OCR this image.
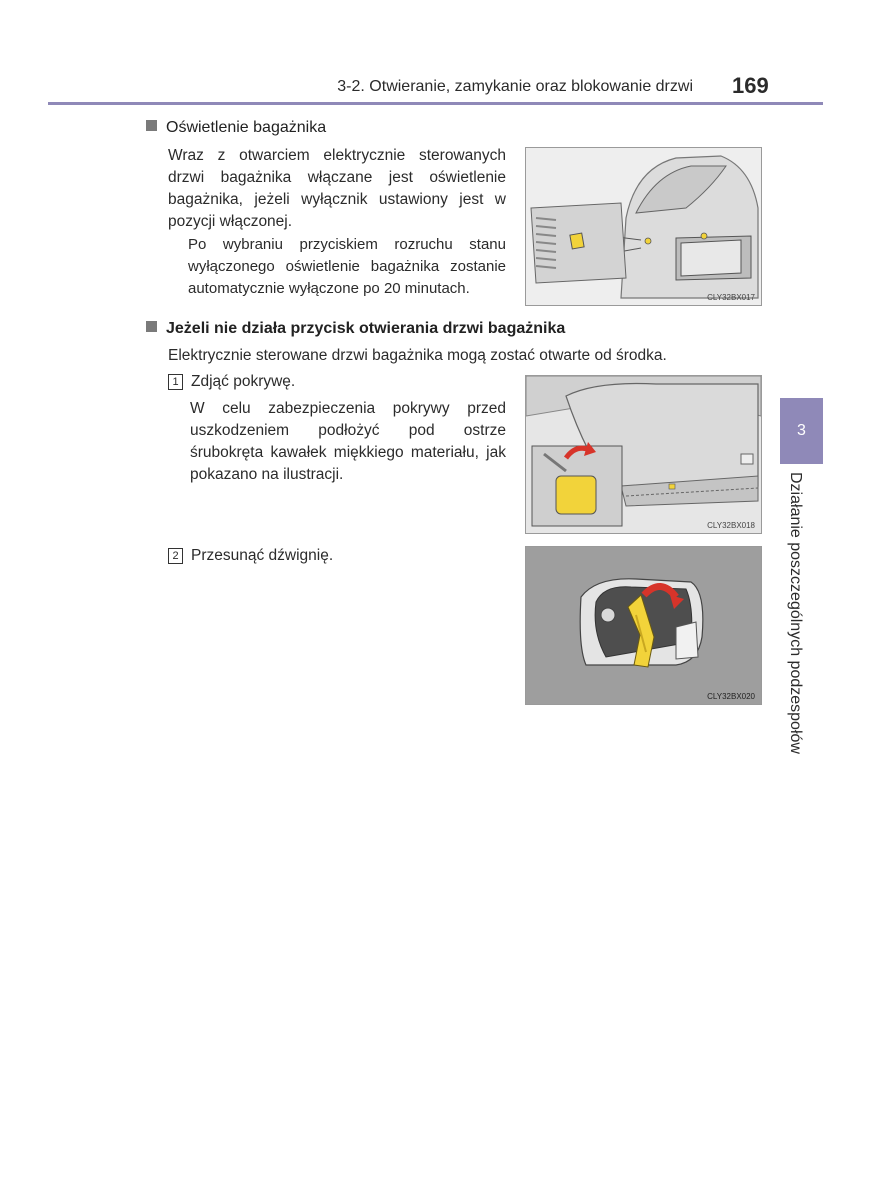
3-2. Otwieranie, zamykanie oraz blokowanie drzwi 169
Oświetlenie bagażnika
Wraz z otwarciem elektrycznie sterowanych drzwi bagażnika włączane jest oświetlenie bagażnika, jeżeli wyłącznik ustawiony jest w pozycji włączonej.
Po wybraniu przyciskiem rozruchu stanu wyłączonego oświetlenie bagażnika zostanie automatycznie wyłączone po 20 minutach.
CLY32BX017
Jeżeli nie działa przycisk otwierania drzwi bagażnika
Elektrycznie sterowane drzwi bagażnika mogą zostać otwarte od środka.
1 Zdjąć pokrywę.
W celu zabezpieczenia pokrywy przed uszkodzeniem podłożyć pod ostrze śrubokręta kawałek miękkiego materiału, jak pokazano na ilustracji.
CLY32BX018
2 Przesunąć dźwignię.
CLY32BX020
3
Działanie poszczególnych podzespołów
